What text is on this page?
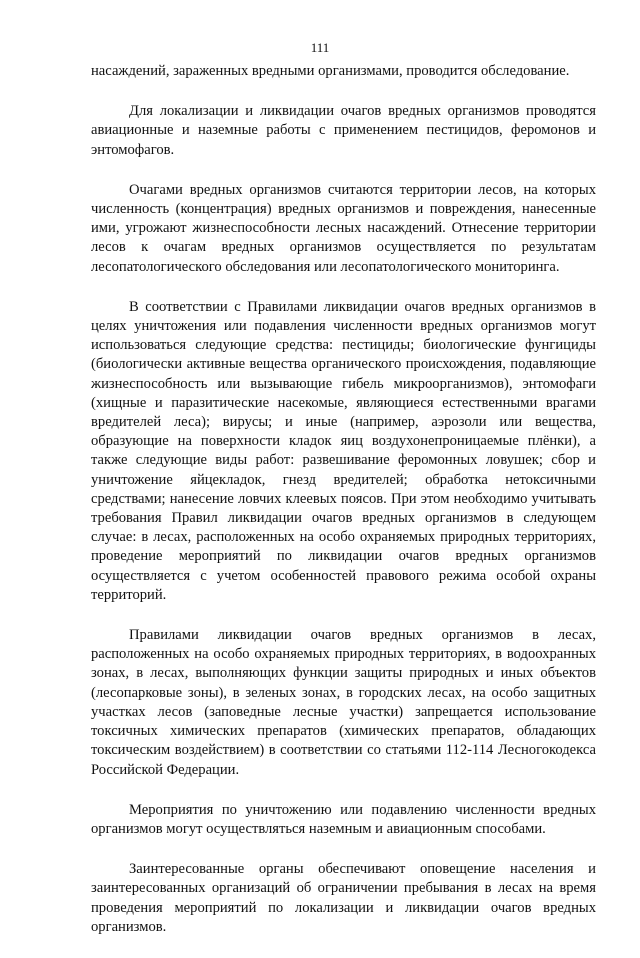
111

насаждений, зараженных вредными организмами, проводится обследование.

Для локализации и ликвидации очагов вредных организмов проводятся авиационные и наземные работы с применением пестицидов, феромонов и энтомофагов.

Очагами вредных организмов считаются территории лесов, на которых численность (концентрация) вредных организмов и повреждения, нанесенные ими, угрожают жизнеспособности лесных насаждений. Отнесение территории лесов к очагам вредных организмов осуществляется по результатам лесопатологического обследования или лесопатологического мониторинга.

В соответствии с Правилами ликвидации очагов вредных организмов в целях уничтожения или подавления численности вредных организмов могут использоваться следующие средства: пестициды; биологические фунгициды (биологически активные вещества органического происхождения, подавляющие жизнеспособность или вызывающие гибель микроорганизмов), энтомофаги (хищные и паразитические насекомые, являющиеся естественными врагами вредителей леса); вирусы; и иные (например, аэрозоли или вещества, образующие на поверхности кладок яиц воздухонепроницаемые плёнки), а также следующие виды работ: развешивание феромонных ловушек; сбор и уничтожение яйцекладок, гнезд вредителей; обработка нетоксичными средствами; нанесение ловчих клеевых поясов. При этом необходимо учитывать требования Правил ликвидации очагов вредных организмов в следующем случае: в лесах, расположенных на особо охраняемых природных территориях, проведение мероприятий по ликвидации очагов вредных организмов осуществляется с учетом особенностей правового режима особой охраны территорий.

Правилами ликвидации очагов вредных организмов в лесах, расположенных на особо охраняемых природных территориях, в водоохранных зонах, в лесах, выполняющих функции защиты природных и иных объектов (лесопарковые зоны), в зеленых зонах, в городских лесах, на особо защитных участках лесов (заповедные лесные участки) запрещается использование токсичных химических препаратов (химических препаратов, обладающих токсическим воздействием) в соответствии со статьями 112-114 Лесногокодекса Российской Федерации.

Мероприятия по уничтожению или подавлению численности вредных организмов могут осуществляться наземным и авиационным способами.

Заинтересованные органы обеспечивают оповещение населения и заинтересованных организаций об ограничении пребывания в лесах на время проведения мероприятий по локализации и ликвидации очагов вредных организмов.
